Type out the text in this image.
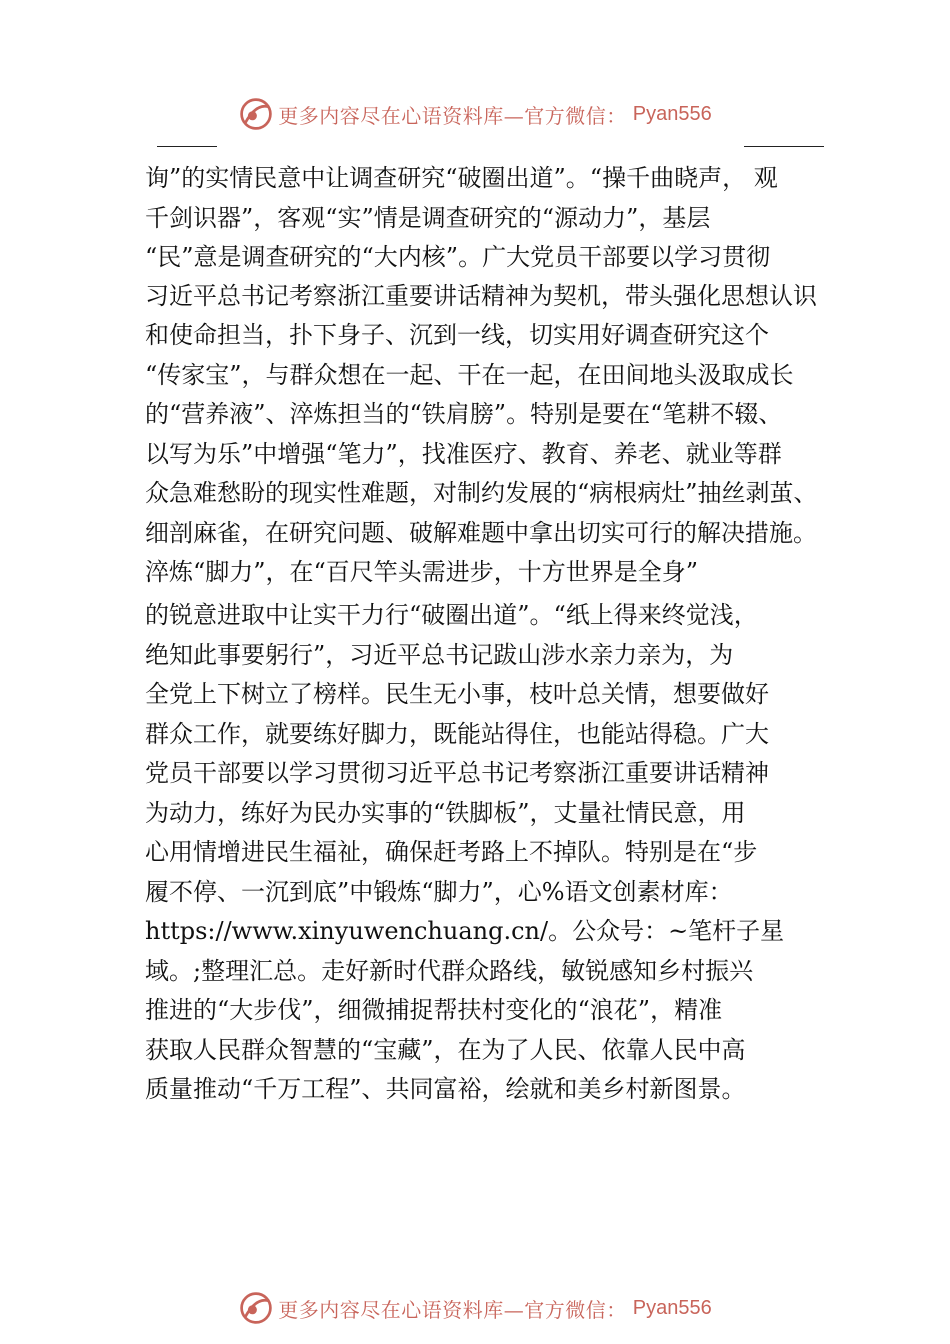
更多内容尽在心语资料库—官方微信： Pyan556
询”的实情民意中让调查研究“破圈出道”。“操千曲晓声， 观
千剑识器”，客观“实”情是调查研究的“源动力”，基层
“民”意是调查研究的“大内核”。广大党员干部要以学习贯彻
习近平总书记考察浙江重要讲话精神为契机，带头强化思想认识
和使命担当，扑下身子、沉到一线，切实用好调查研究这个
“传家宝”，与群众想在一起、干在一起，在田间地头汲取成长
的“营养液”、淬炼担当的“铁肩膀”。特别是要在“笔耕不辍、
以写为乐”中增强“笔力”，找准医疗、教育、养老、就业等群
众急难愁盼的现实性难题，对制约发展的“病根病灶”抽丝剥茧、
细剖麻雀，在研究问题、破解难题中拿出切实可行的解决措施。
淬炼“脚力”，在“百尺竿头需进步，十方世界是全身”
的锐意进取中让实干力行“破圈出道”。“纸上得来终觉浅，
绝知此事要躬行”，习近平总书记跋山涉水亲力亲为，为
全党上下树立了榜样。民生无小事，枝叶总关情，想要做好
群众工作，就要练好脚力，既能站得住，也能站得稳。广大
党员干部要以学习贯彻习近平总书记考察浙江重要讲话精神
为动力，练好为民办实事的“铁脚板”，丈量社情民意，用
心用情增进民生福祉，确保赶考路上不掉队。特别是在“步
履不停、一沉到底”中锻炼“脚力”，心%语文创素材库：
https://www.xinyuwenchuang.cn/。公众号：~笔杆子星
域。;整理汇总。走好新时代群众路线，敏锐感知乡村振兴
推进的“大步伐”，细微捕捉帮扶村变化的“浪花”，精准
获取人民群众智慧的“宝藏”，在为了人民、依靠人民中高
质量推动“千万工程”、共同富裕，绘就和美乡村新图景。
更多内容尽在心语资料库—官方微信： Pyan556
